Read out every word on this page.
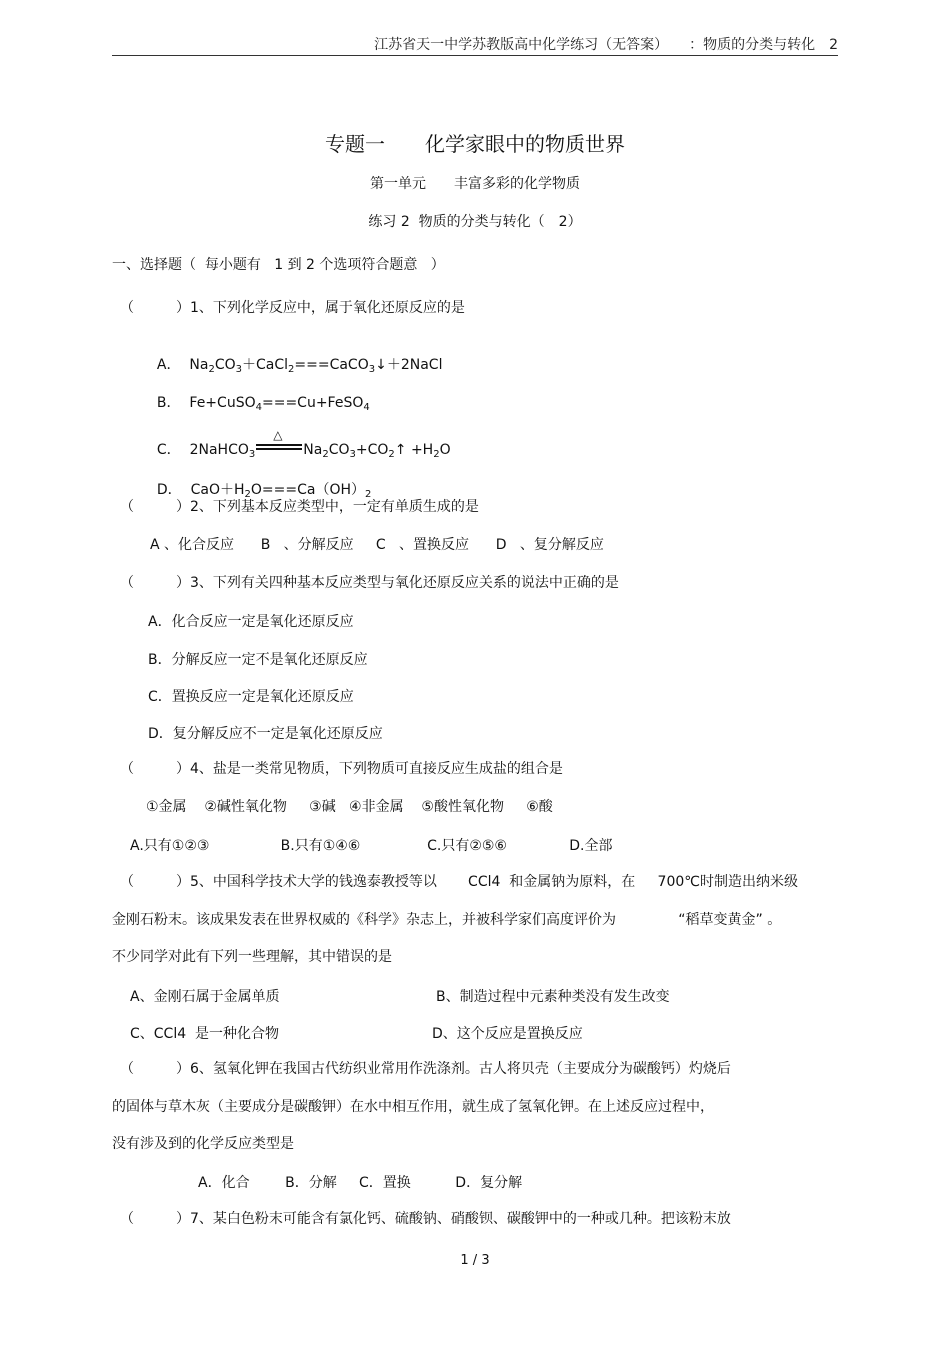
江苏省天一中学苏教版高中化学练习（无答案）　　：物质的分类与转化　2
专题一　　化学家眼中的物质世界
第一单元　　丰富多彩的化学物质
练习 2  物质的分类与转化（　2）
一、选择题（  每小题有   1 到 2 个选项符合题意   ）
（　　　）1、下列化学反应中，属于氧化还原反应的是

A．  $Na_2CO_3+CaCl_2===CaCO_3↓+2NaCl$

B．  Fe+CuSO$_4$===Cu+FeSO$_4$

C．  2NaHCO$_3$
△
$Na_2CO_3+CO_2↑ +H_2O$

D．  $CaO+H_2O===Ca(OH)_2$

（　　　）2、下列基本反应类型中，一定有单质生成的是
A 、化合反应      B   、分解反应     C   、置换反应      D   、复分解反应
（　　　）3、下列有关四种基本反应类型与氧化还原反应关系的说法中正确的是
A．化合反应一定是氧化还原反应
B．分解反应一定不是氧化还原反应
C．置换反应一定是氧化还原反应
D．复分解反应不一定是氧化还原反应
（　　　）4、盐是一类常见物质，下列物质可直接反应生成盐的组合是
①金属    ②碱性氧化物     ③碱   ④非金属    ⑤酸性氧化物     ⑥酸
A.只有①②③                B.只有①④⑥               C.只有②⑤⑥              D.全部
（　　　）5、中国科学技术大学的钱逸泰教授等以       CCl4  和金属钠为原料，在     700℃时制造出纳米级
金刚石粉末。该成果发表在世界权威的《科学》杂志上，并被科学家们高度评价为              “稻草变黄金” 。
不少同学对此有下列一些理解，其中错误的是
A、金刚石属于金属单质	B、制造过程中元素种类没有发生改变
C、CCl4  是一种化合物	D、这个反应是置换反应
（　　　）6、氢氧化钾在我国古代纺织业常用作洗涤剂。古人将贝壳（主要成分为碳酸钙）灼烧后
的固体与草木灰（主要成分是碳酸钾）在水中相互作用，就生成了氢氧化钾。在上述反应过程中，
没有涉及到的化学反应类型是
A．化合        B．分解     C．置换          D．复分解
（　　　）7、某白色粉末可能含有氯化钙、硫酸钠、硝酸钡、碳酸钾中的一种或几种。把该粉末放
1 / 3
